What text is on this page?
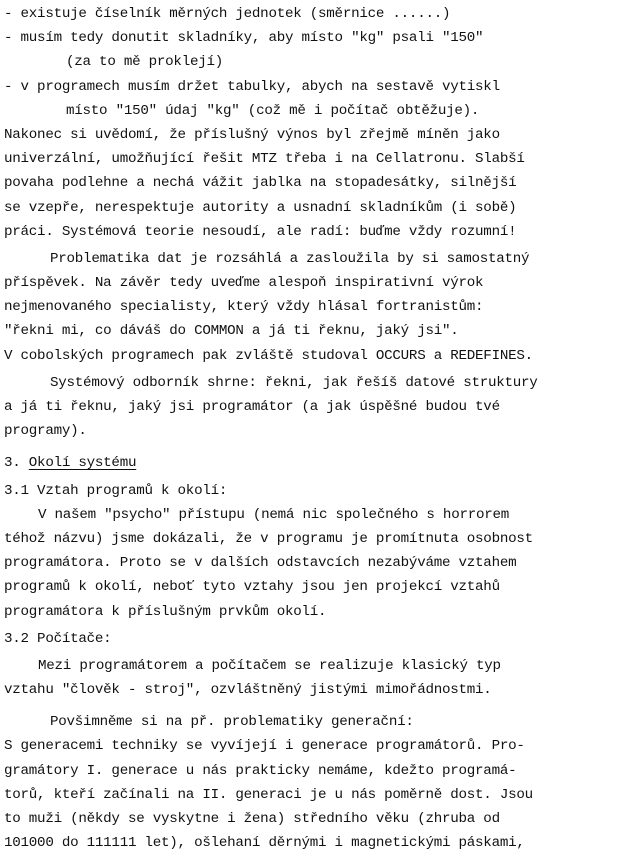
- existuje číselník měrných jednotek (směrnice ......)
- musím tedy donutit skladníky, aby místo "kg" psali "150"
(za to mě proklejí)
- v programech musím držet tabulky, abych na sestavě vytiskl
místo "150" údaj "kg" (což mě i počítač obtěžuje).
Nakonec si uvědomí, že příslušný výnos byl zřejmě míněn jako
univerzální, umožňující řešit MTZ třeba i na Cellatronu. Slabší
povaha podlehne a nechá vážit jablka na stopadesátky, silnější
se vzepře, nerespektuje autority a usnadní skladníkům (i sobě)
práci. Systémová teorie nesoudí, ale radí: buďme vždy rozumní!
Problematika dat je rozsáhlá a zasloužila by si samostatný
příspěvek. Na závěr tedy uveďme alespoň inspirativní výrok
nejmenovaného specialisty, který vždy hlásal fortranistům:
"řekni mi, co dáváš do COMMON a já ti řeknu, jaký jsi".
V cobolských programech pak zvláště studoval OCCURS a REDEFINES.
Systémový odborník shrne: řekni, jak řešíš datové struktury
a já ti řeknu, jaký jsi programátor (a jak úspěšné budou tvé
programy).
3. Okolí systému
3.1 Vztah programů k okolí:
V našem "psycho" přístupu (nemá nic společného s horrorem
téhož názvu) jsme dokázali, že v programu je promítnuta osobnost
programátora. Proto se v dalších odstavcích nezabýváme vztahem
programů k okolí, neboť tyto vztahy jsou jen projekcí vztahů
programátora k příslušným prvkům okolí.
3.2 Počítače:
Mezi programátorem a počítačem se realizuje klasický typ
vztahu "člověk - stroj", ozvláštněný jistými mimořádnostmi.
Povšimněme si na př. problematiky generační:
S generacemi techniky se vyvíjejí i generace programátorů. Pro-
gramátory I. generace u nás prakticky nemáme, kdežto programá-
torů, kteří začínali na II. generaci je u nás poměrně dost. Jsou
to muži (někdy se vyskytne i žena) středního věku (zhruba od
101000 do 111111 let), ošlehaní děrnými i magnetickými páskami,
